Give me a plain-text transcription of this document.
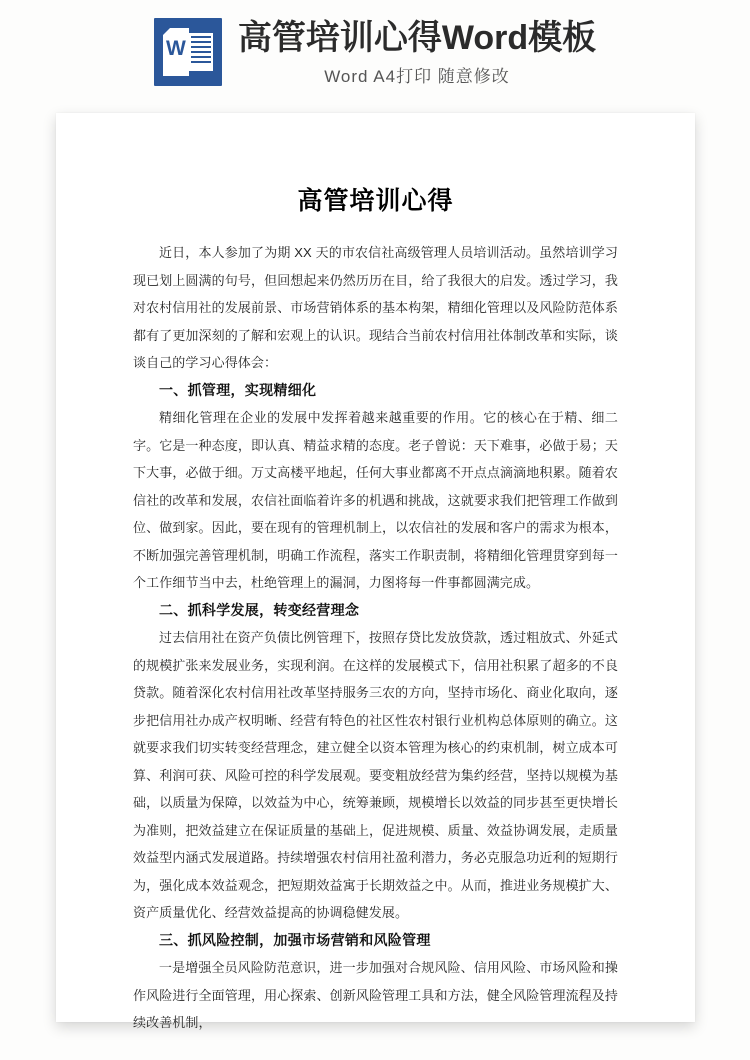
W 高管培训心得Word模板
Word A4打印 随意修改
高管培训心得

近日，本人参加了为期 XX 天的市农信社高级管理人员培训活动。虽然培训学习现已划上圆满的句号，但回想起来仍然历历在目，给了我很大的启发。透过学习，我对农村信用社的发展前景、市场营销体系的基本构架，精细化管理以及风险防范体系都有了更加深刻的了解和宏观上的认识。现结合当前农村信用社体制改革和实际，谈谈自己的学习心得体会：

一、抓管理，实现精细化

精细化管理在企业的发展中发挥着越来越重要的作用。它的核心在于精、细二字。它是一种态度，即认真、精益求精的态度。老子曾说：天下难事，必做于易；天下大事，必做于细。万丈高楼平地起，任何大事业都离不开点点滴滴地积累。随着农信社的改革和发展，农信社面临着许多的机遇和挑战，这就要求我们把管理工作做到位、做到家。因此，要在现有的管理机制上，以农信社的发展和客户的需求为根本，不断加强完善管理机制，明确工作流程，落实工作职责制，将精细化管理贯穿到每一个工作细节当中去，杜绝管理上的漏洞，力图将每一件事都圆满完成。

二、抓科学发展，转变经营理念

过去信用社在资产负债比例管理下，按照存贷比发放贷款，透过粗放式、外延式的规模扩张来发展业务，实现利润。在这样的发展模式下，信用社积累了超多的不良贷款。随着深化农村信用社改革坚持服务三农的方向，坚持市场化、商业化取向，逐步把信用社办成产权明晰、经营有特色的社区性农村银行业机构总体原则的确立。这就要求我们切实转变经营理念，建立健全以资本管理为核心的约束机制，树立成本可算、利润可获、风险可控的科学发展观。要变粗放经营为集约经营，坚持以规模为基础，以质量为保障，以效益为中心，统筹兼顾，规模增长以效益的同步甚至更快增长为准则，把效益建立在保证质量的基础上，促进规模、质量、效益协调发展，走质量效益型内涵式发展道路。持续增强农村信用社盈利潜力，务必克服急功近利的短期行为，强化成本效益观念，把短期效益寓于长期效益之中。从而，推进业务规模扩大、资产质量优化、经营效益提高的协调稳健发展。

三、抓风险控制，加强市场营销和风险管理

一是增强全员风险防范意识，进一步加强对合规风险、信用风险、市场风险和操作风险进行全面管理，用心探索、创新风险管理工具和方法，健全风险管理流程及持续改善机制，
